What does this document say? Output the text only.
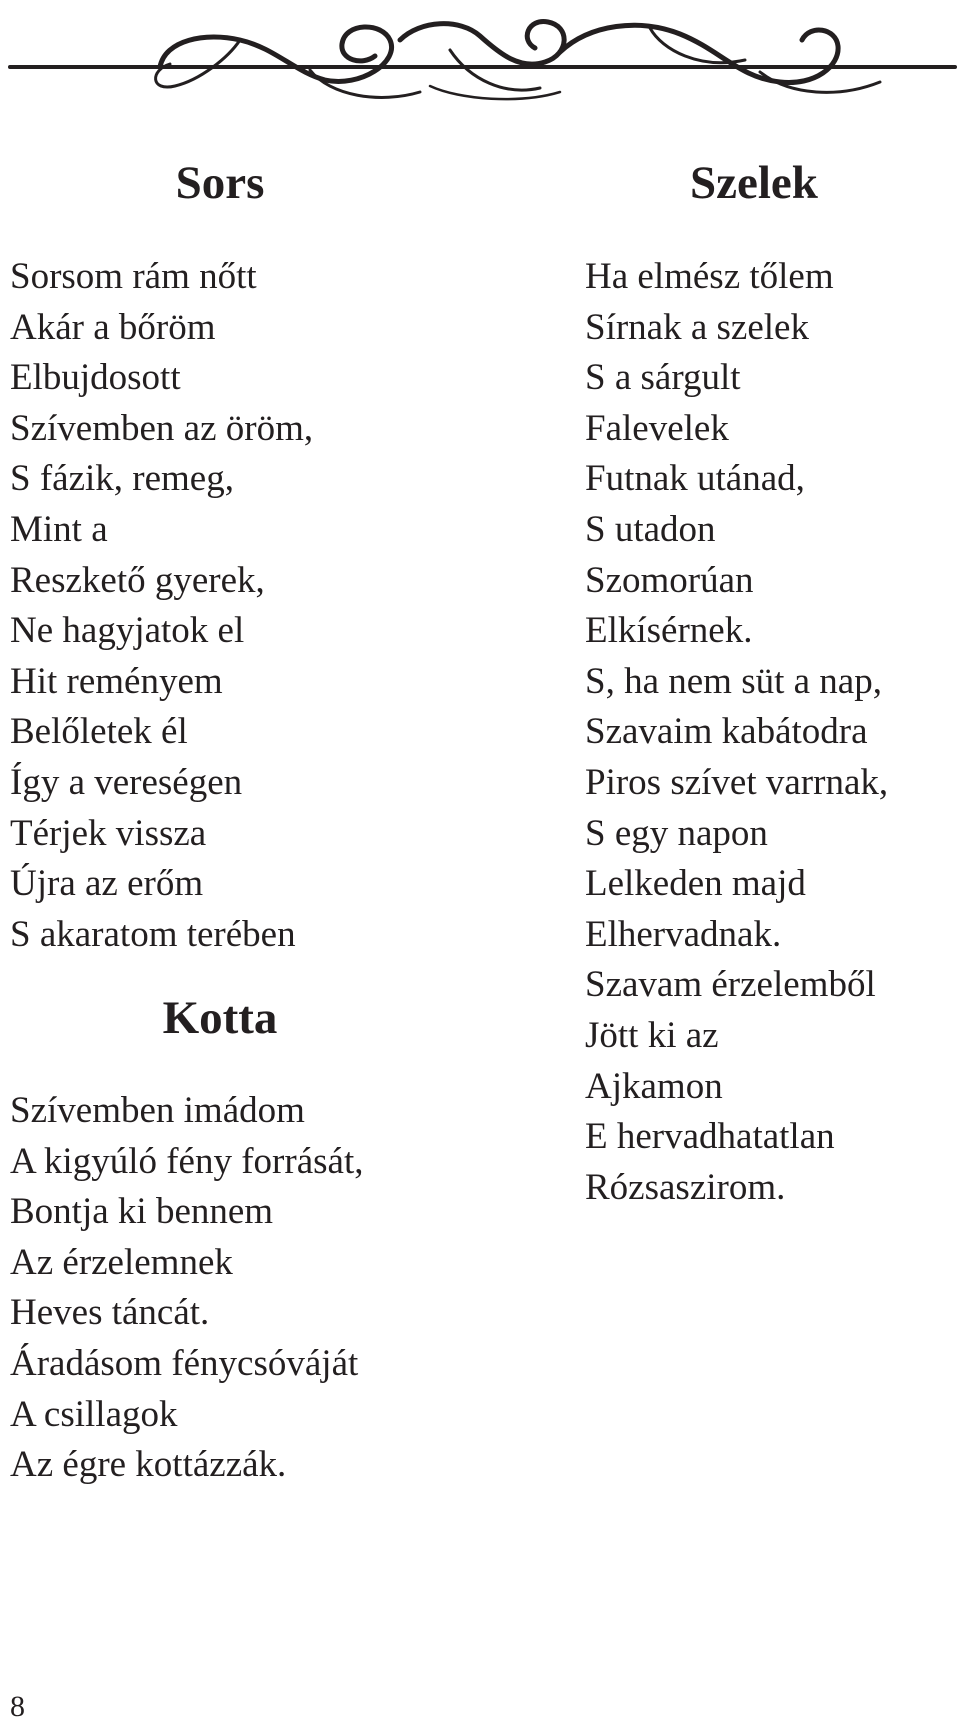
Sors
Sorsom rám nőtt
Akár a bőröm
Elbujdosott
Szívemben az öröm,
S fázik, remeg,
Mint a
Reszkető gyerek,
Ne hagyjatok el
Hit reményem
Belőletek él
Így a vereségen
Térjek vissza
Újra az erőm
S akaratom terében
Kotta
Szívemben imádom
A kigyúló fény forrását,
Bontja ki bennem
Az érzelemnek
Heves táncát.
Áradásom fénycsóváját
A csillagok
Az égre kottázzák.
Szelek
Ha elmész tőlem
Sírnak a szelek
S a sárgult
Falevelek
Futnak utánad,
S utadon
Szomorúan
Elkísérnek.
S, ha nem süt a nap,
Szavaim kabátodra
Piros szívet varrnak,
S egy napon
Lelkeden majd
Elhervadnak.
Szavam érzelemből
Jött ki az
Ajkamon
E hervadhatatlan
Rózsaszirom.

8
